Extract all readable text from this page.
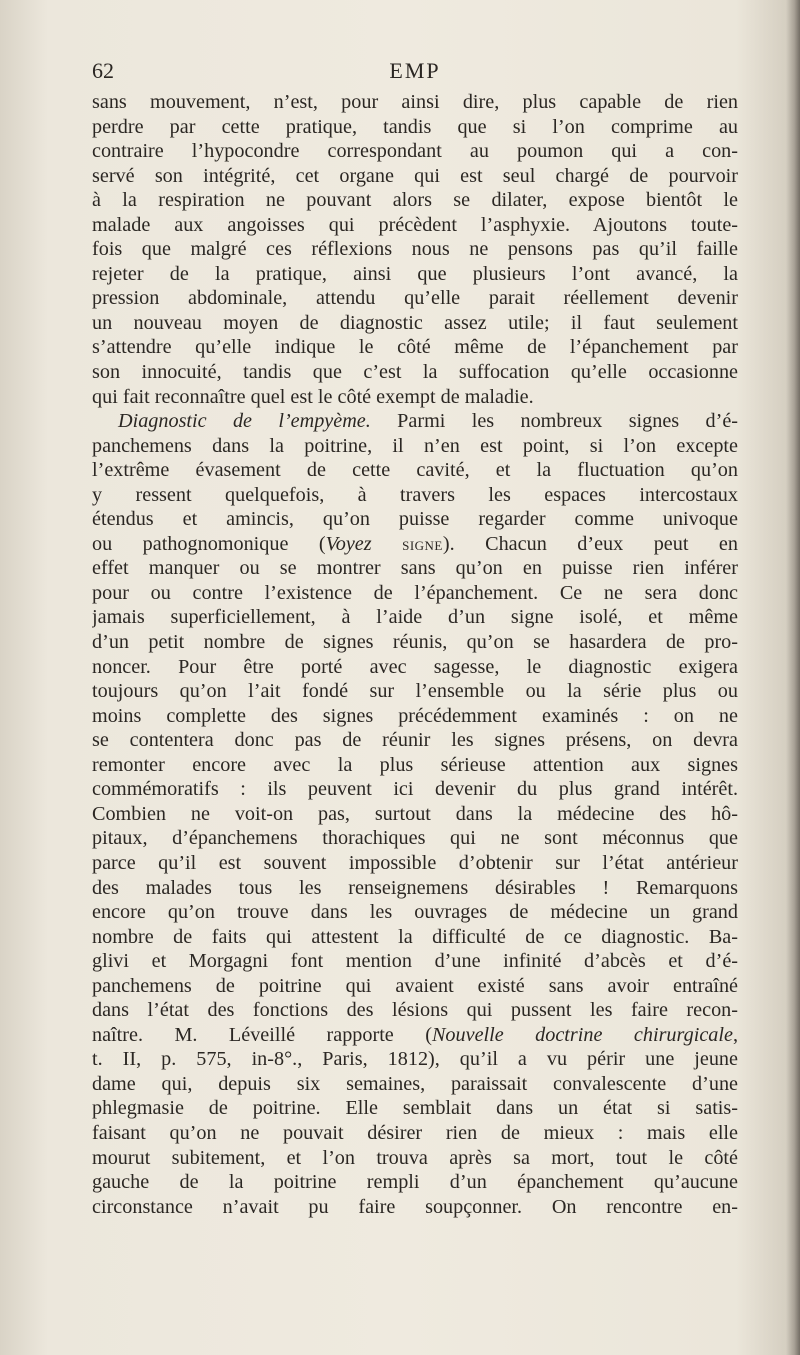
62	EMP
sans mouvement, n’est, pour ainsi dire, plus capable de rien
perdre par cette pratique, tandis que si l’on comprime au
contraire l’hypocondre correspondant au poumon qui a con-
servé son intégrité, cet organe qui est seul chargé de pourvoir
à la respiration ne pouvant alors se dilater, expose bientôt le
malade aux angoisses qui précèdent l’asphyxie. Ajoutons toute-
fois que malgré ces réflexions nous ne pensons pas qu’il faille
rejeter de la pratique, ainsi que plusieurs l’ont avancé, la
pression abdominale, attendu qu’elle parait réellement devenir
un nouveau moyen de diagnostic assez utile; il faut seulement
s’attendre qu’elle indique le côté même de l’épanchement par
son innocuité, tandis que c’est la suffocation qu’elle occasionne
qui fait reconnaître quel est le côté exempt de maladie.
Diagnostic de l’empyème. Parmi les nombreux signes d’é-
panchemens dans la poitrine, il n’en est point, si l’on excepte
l’extrême évasement de cette cavité, et la fluctuation qu’on
y ressent quelquefois, à travers les espaces intercostaux
étendus et amincis, qu’on puisse regarder comme univoque
ou pathognomonique (Voyez signe). Chacun d’eux peut en
effet manquer ou se montrer sans qu’on en puisse rien inférer
pour ou contre l’existence de l’épanchement. Ce ne sera donc
jamais superficiellement, à l’aide d’un signe isolé, et même
d’un petit nombre de signes réunis, qu’on se hasardera de pro-
noncer. Pour être porté avec sagesse, le diagnostic exigera
toujours qu’on l’ait fondé sur l’ensemble ou la série plus ou
moins complette des signes précédemment examinés : on ne
se contentera donc pas de réunir les signes présens, on devra
remonter encore avec la plus sérieuse attention aux signes
commémoratifs : ils peuvent ici devenir du plus grand intérêt.
Combien ne voit-on pas, surtout dans la médecine des hô-
pitaux, d’épanchemens thorachiques qui ne sont méconnus que
parce qu’il est souvent impossible d’obtenir sur l’état antérieur
des malades tous les renseignemens désirables ! Remarquons
encore qu’on trouve dans les ouvrages de médecine un grand
nombre de faits qui attestent la difficulté de ce diagnostic. Ba-
glivi et Morgagni font mention d’une infinité d’abcès et d’é-
panchemens de poitrine qui avaient existé sans avoir entraîné
dans l’état des fonctions des lésions qui pussent les faire recon-
naître. M. Léveillé rapporte (Nouvelle doctrine chirurgicale,
t. II, p. 575, in-8°., Paris, 1812), qu’il a vu périr une jeune
dame qui, depuis six semaines, paraissait convalescente d’une
phlegmasie de poitrine. Elle semblait dans un état si satis-
faisant qu’on ne pouvait désirer rien de mieux : mais elle
mourut subitement, et l’on trouva après sa mort, tout le côté
gauche de la poitrine rempli d’un épanchement qu’aucune
circonstance n’avait pu faire soupçonner. On rencontre en-
